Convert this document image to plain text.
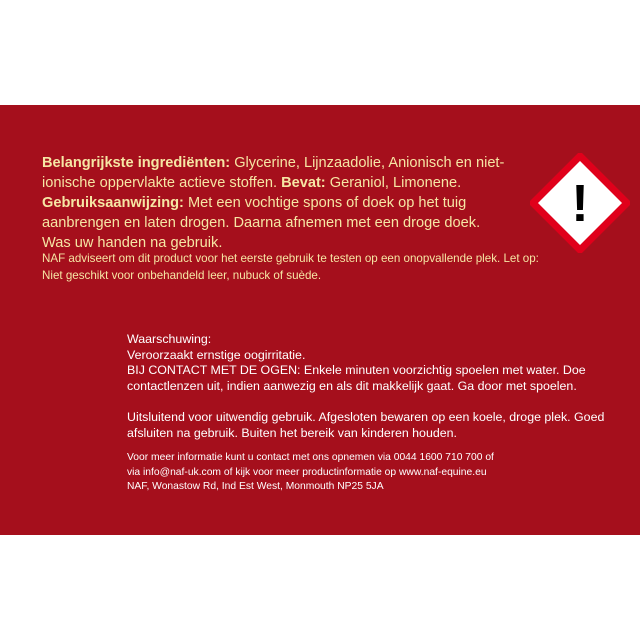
Belangrijkste ingrediënten: Glycerine, Lijnzaadolie, Anionisch en niet-ionische oppervlakte actieve stoffen. Bevat: Geraniol, Limonene. Gebruiksaanwijzing: Met een vochtige spons of doek op het tuig aanbrengen en laten drogen. Daarna afnemen met een droge doek. Was uw handen na gebruik.
NAF adviseert om dit product voor het eerste gebruik te testen op een onopvallende plek. Let op: Niet geschikt voor onbehandeld leer, nubuck of suède.
!

Waarschuwing:

Veroorzaakt ernstige oogirritatie.

BIJ CONTACT MET DE OGEN: Enkele minuten voorzichtig spoelen met water. Doe contactlenzen uit, indien aanwezig en als dit makkelijk gaat. Ga door met spoelen.

Uitsluitend voor uitwendig gebruik. Afgesloten bewaren op een koele, droge plek. Goed afsluiten na gebruik. Buiten het bereik van kinderen houden.
Voor meer informatie kunt u contact met ons opnemen via 0044 1600 710 700 of
via info@naf-uk.com of kijk voor meer productinformatie op www.naf-equine.eu
NAF, Wonastow Rd, Ind Est West, Monmouth NP25 5JA
